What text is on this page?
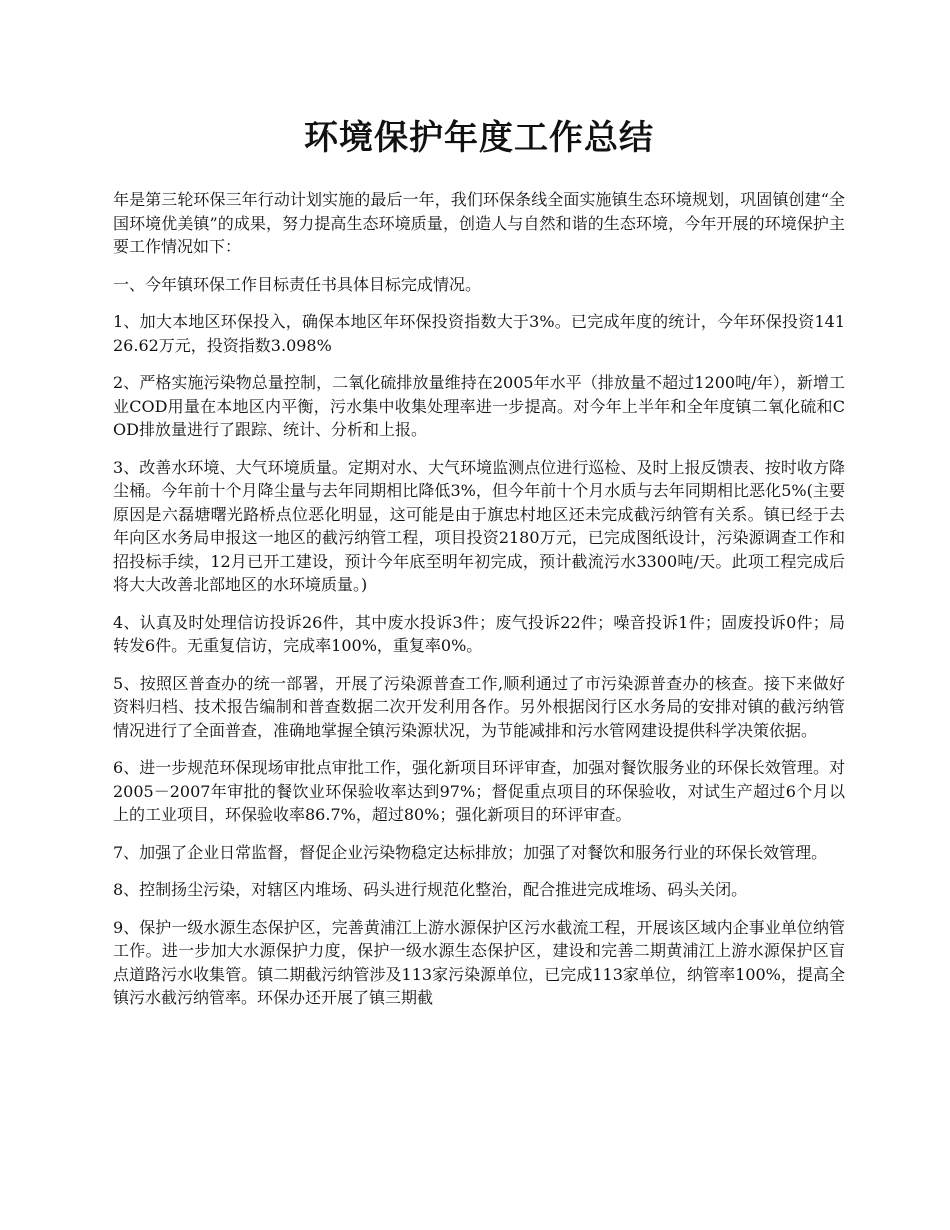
环境保护年度工作总结

年是第三轮环保三年行动计划实施的最后一年，我们环保条线全面实施镇生态环境规划，巩固镇创建“全国环境优美镇”的成果，努力提高生态环境质量，创造人与自然和谐的生态环境，今年开展的环境保护主要工作情况如下：

一、今年镇环保工作目标责任书具体目标完成情况。

1、加大本地区环保投入，确保本地区年环保投资指数大于3%。已完成年度的统计，今年环保投资14126.62万元，投资指数3.098%

2、严格实施污染物总量控制，二氧化硫排放量维持在2005年水平（排放量不超过1200吨/年），新增工业COD用量在本地区内平衡，污水集中收集处理率进一步提高。对今年上半年和全年度镇二氧化硫和COD排放量进行了跟踪、统计、分析和上报。

3、改善水环境、大气环境质量。定期对水、大气环境监测点位进行巡检、及时上报反馈表、按时收方降尘桶。今年前十个月降尘量与去年同期相比降低3%，但今年前十个月水质与去年同期相比恶化5%(主要原因是六磊塘曙光路桥点位恶化明显，这可能是由于旗忠村地区还未完成截污纳管有关系。镇已经于去年向区水务局申报这一地区的截污纳管工程，项目投资2180万元，已完成图纸设计，污染源调查工作和招投标手续，12月已开工建设，预计今年底至明年初完成，预计截流污水3300吨/天。此项工程完成后将大大改善北部地区的水环境质量。)

4、认真及时处理信访投诉26件，其中废水投诉3件；废气投诉22件；噪音投诉1件；固废投诉0件；局转发6件。无重复信访，完成率100%，重复率0%。

5、按照区普查办的统一部署，开展了污染源普查工作,顺利通过了市污染源普查办的核查。接下来做好资料归档、技术报告编制和普查数据二次开发利用各作。另外根据闵行区水务局的安排对镇的截污纳管情况进行了全面普查，准确地掌握全镇污染源状况，为节能减排和污水管网建设提供科学决策依据。

6、进一步规范环保现场审批点审批工作，强化新项目环评审查，加强对餐饮服务业的环保长效管理。对2005－2007年审批的餐饮业环保验收率达到97%；督促重点项目的环保验收，对试生产超过6个月以上的工业项目，环保验收率86.7%，超过80%；强化新项目的环评审查。

7、加强了企业日常监督，督促企业污染物稳定达标排放；加强了对餐饮和服务行业的环保长效管理。

8、控制扬尘污染，对辖区内堆场、码头进行规范化整治，配合推进完成堆场、码头关闭。

9、保护一级水源生态保护区，完善黄浦江上游水源保护区污水截流工程，开展该区域内企事业单位纳管工作。进一步加大水源保护力度，保护一级水源生态保护区，建设和完善二期黄浦江上游水源保护区盲点道路污水收集管。镇二期截污纳管涉及113家污染源单位，已完成113家单位，纳管率100%，提高全镇污水截污纳管率。环保办还开展了镇三期截
